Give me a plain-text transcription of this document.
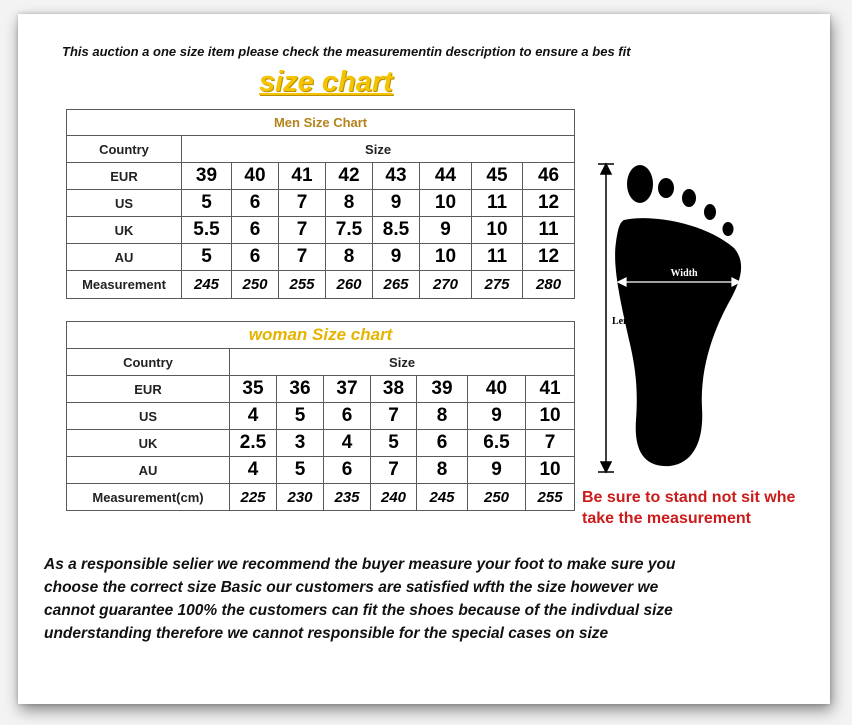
This auction a one size item please check the measurementin description to ensure a bes fit
size chart
Men Size Chart								
Country	Size							
EUR	39	40	41	42	43	44	45	46
US	5	6	7	8	9	10	11	12
UK	5.5	6	7	7.5	8.5	9	10	11
AU	5	6	7	8	9	10	11	12
Measurement	245	250	255	260	265	270	275	280
woman Size chart							
Country	Size						
EUR	35	36	37	38	39	40	41
US	4	5	6	7	8	9	10
UK	2.5	3	4	5	6	6.5	7
AU	4	5	6	7	8	9	10
Measurement(cm)	225	230	235	240	245	250	255
Width
Length
Be sure to stand not sit whe
take the measurement
As a responsible selier we recommend the buyer measure your foot to make sure you
choose the correct size Basic our customers are satisfied wfth the size however we
cannot guarantee 100% the customers can fit the shoes because of the indivdual size
understanding therefore we cannot responsible for the special cases on size
